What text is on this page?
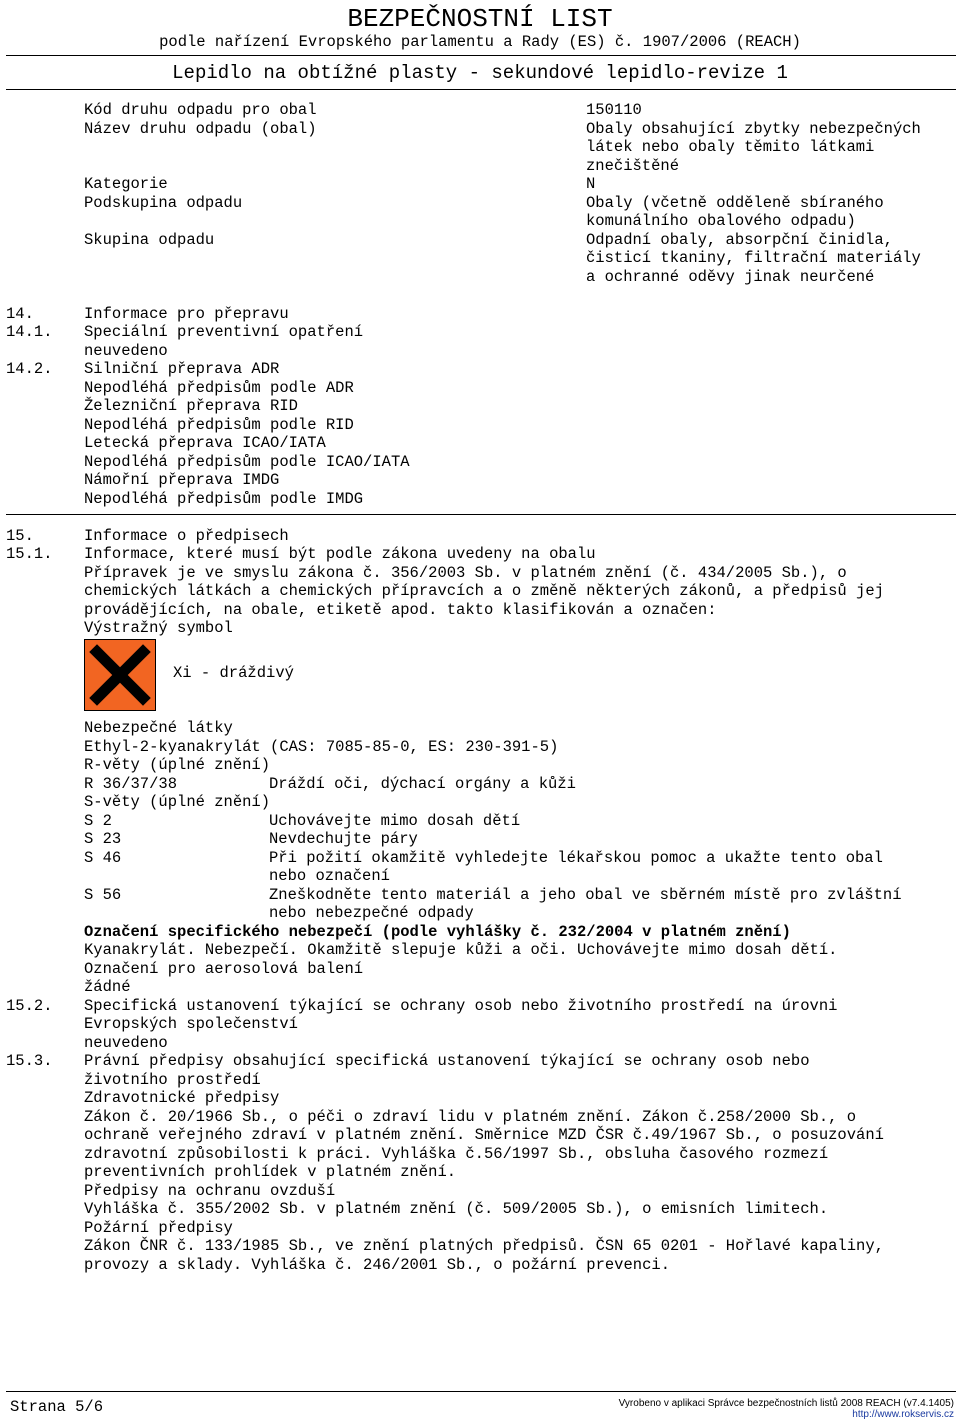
BEZPEČNOSTNÍ LIST
podle nařízení Evropského parlamentu a Rady (ES) č. 1907/2006 (REACH)
Lepidlo na obtížné plasty - sekundové lepidlo-revize 1
Kód druhu odpadu pro obal	150110
Název druhu odpadu (obal)	Obaly obsahující zbytky nebezpečných
látek nebo obaly těmito látkami
znečištěné
Kategorie	N
Podskupina odpadu	Obaly (včetně odděleně sbíraného
komunálního obalového odpadu)
Skupina odpadu	Odpadní obaly, absorpční činidla,
čisticí tkaniny, filtrační materiály
a ochranné oděvy jinak neurčené
14.	Informace pro přepravu
14.1. Speciální preventivní opatření
neuvedeno
14.2. Silniční přeprava ADR
Nepodléhá předpisům podle ADR
Železniční přeprava RID
Nepodléhá předpisům podle RID
Letecká přeprava ICAO/IATA
Nepodléhá předpisům podle ICAO/IATA
Námořní přeprava IMDG
Nepodléhá předpisům podle IMDG
15.	Informace o předpisech
15.1. Informace, které musí být podle zákona uvedeny na obalu
Přípravek je ve smyslu zákona č. 356/2003 Sb. v platném znění (č. 434/2005 Sb.), o
chemických látkách a chemických přípravcích a o změně některých zákonů, a předpisů jej
provádějících, na obale, etiketě apod. takto klasifikován a označen:
Výstražný symbol
Xi - dráždivý
Nebezpečné látky
Ethyl-2-kyanakrylát (CAS: 7085-85-0, ES: 230-391-5)
R-věty (úplné znění)
R 36/37/38	Dráždí oči, dýchací orgány a kůži
S-věty (úplné znění)
S 2	Uchovávejte mimo dosah dětí
S 23	Nevdechujte páry
S 46	Při požití okamžitě vyhledejte lékařskou pomoc a ukažte tento obal
nebo označení
S 56	Zneškodněte tento materiál a jeho obal ve sběrném místě pro zvláštní
nebo nebezpečné odpady
Označení specifického nebezpečí (podle vyhlášky č. 232/2004 v platném znění)
Kyanakrylát. Nebezpečí. Okamžitě slepuje kůži a oči. Uchovávejte mimo dosah dětí.
Označení pro aerosolová balení
žádné
15.2. Specifická ustanovení týkající se ochrany osob nebo životního prostředí na úrovni
Evropských společenství
neuvedeno
15.3. Právní předpisy obsahující specifická ustanovení týkající se ochrany osob nebo
životního prostředí
Zdravotnické předpisy
Zákon č. 20/1966 Sb., o péči o zdraví lidu v platném znění. Zákon č.258/2000 Sb., o
ochraně veřejného zdraví v platném znění. Směrnice MZD ČSR č.49/1967 Sb., o posuzování
zdravotní způsobilosti k práci. Vyhláška č.56/1997 Sb., obsluha časového rozmezí
preventivních prohlídek v platném znění.
Předpisy na ochranu ovzduší
Vyhláška č. 355/2002 Sb. v platném znění (č. 509/2005 Sb.), o emisních limitech.
Požární předpisy
Zákon ČNR č. 133/1985 Sb., ve znění platných předpisů. ČSN 65 0201 - Hořlavé kapaliny,
provozy a sklady. Vyhláška č. 246/2001 Sb., o požární prevenci.
Strana 5/6	Vyrobeno v aplikaci Správce bezpečnostních listů 2008 REACH (v7.4.1405)
http://www.rokservis.cz
